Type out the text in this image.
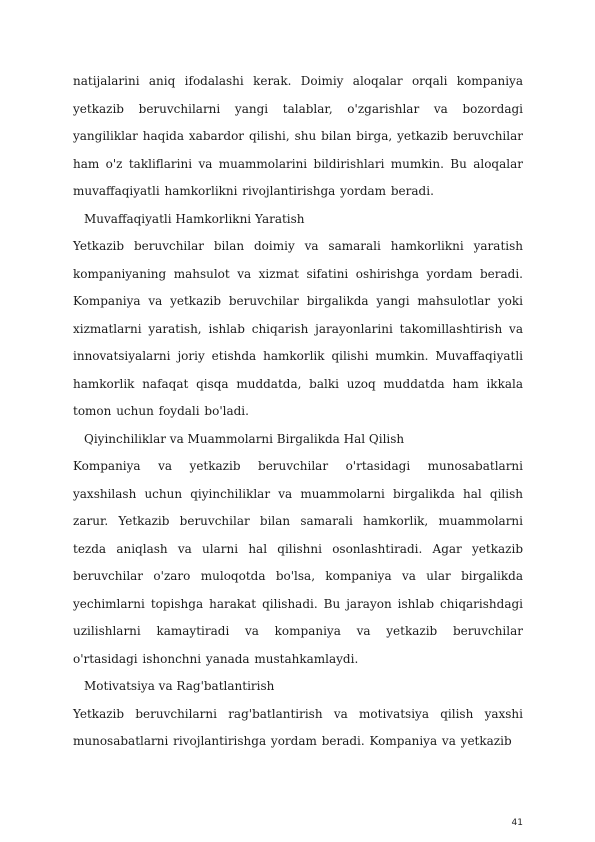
natijalarini aniq ifodalashi kerak. Doimiy aloqalar orqali kompaniya yetkazib beruvchilarni yangi talablar, o'zgarishlar va bozordagi yangiliklar haqida xabardor qilishi, shu bilan birga, yetkazib beruvchilar ham o'z takliflarini va muammolarini bildirishlari mumkin. Bu aloqalar muvaffaqiyatli hamkorlikni rivojlantirishga yordam beradi.

Muvaffaqiyatli Hamkorlikni Yaratish

Yetkazib beruvchilar bilan doimiy va samarali hamkorlikni yaratish kompaniyaning mahsulot va xizmat sifatini oshirishga yordam beradi. Kompaniya va yetkazib beruvchilar birgalikda yangi mahsulotlar yoki xizmatlarni yaratish, ishlab chiqarish jarayonlarini takomillashtirish va innovatsiyalarni joriy etishda hamkorlik qilishi mumkin. Muvaffaqiyatli hamkorlik nafaqat qisqa muddatda, balki uzoq muddatda ham ikkala tomon uchun foydali bo'ladi.

Qiyinchiliklar va Muammolarni Birgalikda Hal Qilish

Kompaniya va yetkazib beruvchilar o'rtasidagi munosabatlarni yaxshilash uchun qiyinchiliklar va muammolarni birgalikda hal qilish zarur. Yetkazib beruvchilar bilan samarali hamkorlik, muammolarni tezda aniqlash va ularni hal qilishni osonlashtiradi. Agar yetkazib beruvchilar o'zaro muloqotda bo'lsa, kompaniya va ular birgalikda yechimlarni topishga harakat qilishadi. Bu jarayon ishlab chiqarishdagi uzilishlarni kamaytiradi va kompaniya va yetkazib beruvchilar o'rtasidagi ishonchni yanada mustahkamlaydi.

Motivatsiya va Rag'batlantirish

Yetkazib beruvchilarni rag'batlantirish va motivatsiya qilish yaxshi munosabatlarni rivojlantirishga yordam beradi. Kompaniya va yetkazib

41
